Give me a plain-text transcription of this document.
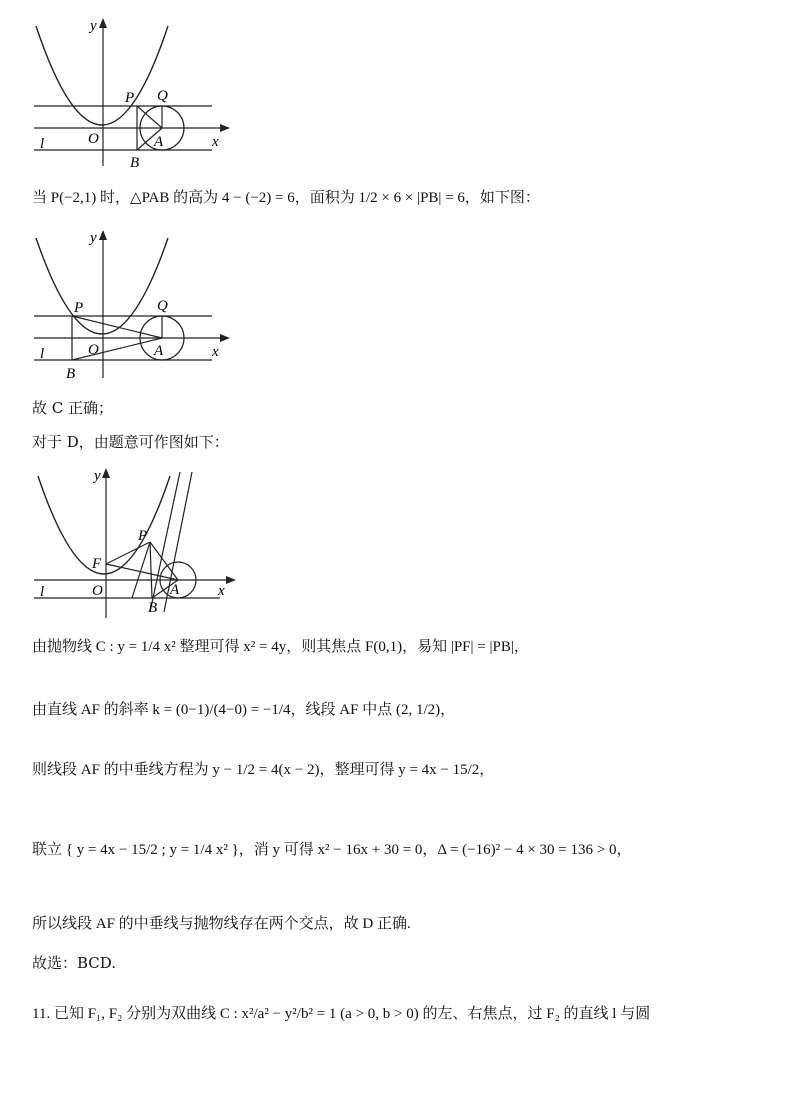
y
x
O
P Q
A
B
l
当 P(−2,1) 时，△PAB 的高为 4 − (−2) = 6，面积为 1/2 × 6 × |PB| = 6，如下图：
y
x
O
P	Q
A
B
l
故 C 正确；
对于 D，由题意可作图如下：
y
x
O
P
F
A
B
l
由抛物线 C : y = 1/4 x² 整理可得 x² = 4y，则其焦点 F(0,1)，易知 |PF| = |PB|，
由直线 AF 的斜率 k = (0−1)/(4−0) = −1/4，线段 AF 中点 (2, 1/2)，
则线段 AF 的中垂线方程为 y − 1/2 = 4(x − 2)，整理可得 y = 4x − 15/2，
联立 { y = 4x − 15/2 ; y = 1/4 x² }，消 y 可得 x² − 16x + 30 = 0，Δ = (−16)² − 4 × 30 = 136 > 0，
所以线段 AF 的中垂线与抛物线存在两个交点，故 D 正确.
故选：BCD.
11. 已知 F₁, F₂ 分别为双曲线 C : x²/a² − y²/b² = 1 (a > 0, b > 0) 的左、右焦点，过 F₂ 的直线 l 与圆
